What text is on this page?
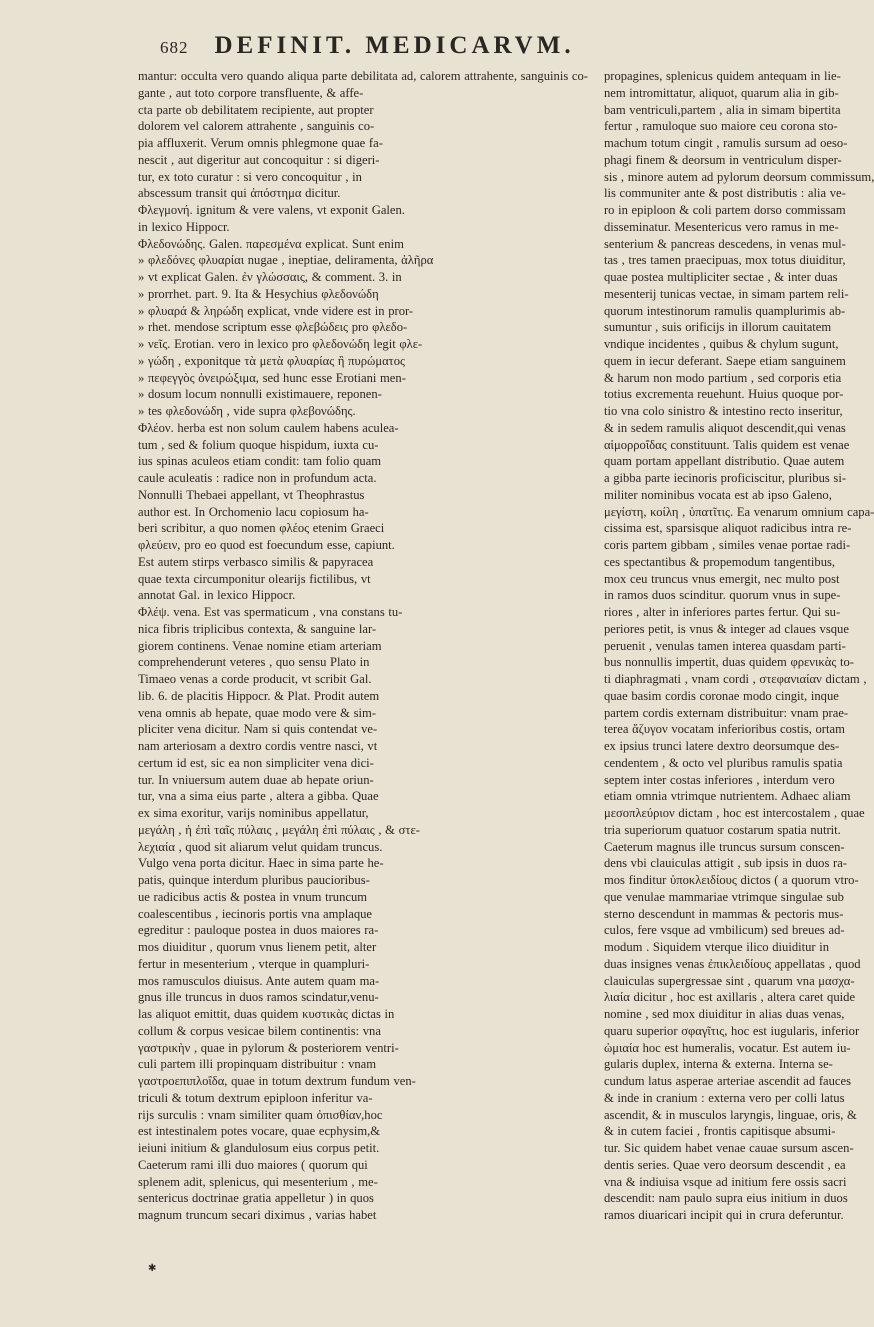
682 DEFINIT. MEDICARVM.
mantur: occulta vero quando aliqua parte debilitata ad, calorem attrahente, sanguinis co-
gante , aut toto corpore transfluente, & affe-
cta parte ob debilitatem recipiente, aut propter
dolorem vel calorem attrahente , sanguinis co-
pia affluxerit. Verum omnis phlegmone quae fa-
nescit , aut digeritur aut concoquitur : si digeri-
tur, ex toto curatur : si vero concoquitur , in
abscessum transit qui ἀπόστημα dicitur.
Φλεγμονή. ignitum & vere valens, vt exponit Galen.
in lexico Hippocr.
Φλεδονώδης. Galen. παρεσμένα explicat. Sunt enim
» φλεδόνες φλυαρίαι nugae , ineptiae, deliramenta, ἀλῆρα
» vt explicat Galen. ἐν γλώσσαις, & comment. 3. in
» prorrhet. part. 9. Ita & Hesychius φλεδονώδη
» φλυαρά & ληρώδη explicat, vnde videre est in pror-
» rhet. mendose scriptum esse φλεβώδεις pro φλεδο-
» νεῖς. Erotian. vero in lexico pro φλεδονώδη legit φλε-
» γώδη , exponitque τὰ μετὰ φλυαρίας ἢ πυρώματος
» πεφεγγὸς ὀνειρώξιμα, sed hunc esse Erotiani men-
» dosum locum nonnulli existimauere, reponen-
» tes φλεδονώδη , vide supra φλεβονώδης.
Φλέον. herba est non solum caulem habens aculea-
tum , sed & folium quoque hispidum, iuxta cu-
ius spinas aculeos etiam condit: tam folio quam
caule aculeatis : radice non in profundum acta.
Nonnulli Thebaei appellant, vt Theophrastus
author est. In Orchomenio lacu copiosum ha-
beri scribitur, a quo nomen φλέος etenim Graeci
φλεύειν, pro eo quod est foecundum esse, capiunt.
Est autem stirps verbasco similis & papyracea
quae texta circumponitur olearijs fictilibus, vt
annotat Gal. in lexico Hippocr.
Φλέψ. vena. Est vas spermaticum , vna constans tu-
nica fibris triplicibus contexta, & sanguine lar-
giorem continens. Venae nomine etiam arteriam
comprehenderunt veteres , quo sensu Plato in
Timaeo venas a corde producit, vt scribit Gal.
lib. 6. de placitis Hippocr. & Plat. Prodit autem
vena omnis ab hepate, quae modo vere & sim-
pliciter vena dicitur. Nam si quis contendat ve-
nam arteriosam a dextro cordis ventre nasci, vt
certum id est, sic ea non simpliciter vena dici-
tur. In vniuersum autem duae ab hepate oriun-
tur, vna a sima eius parte , altera a gibba. Quae
ex sima exoritur, varijs nominibus appellatur,
μεγάλη , ἡ ἐπὶ ταῖς πύλαις , μεγάλη ἐπὶ πύλαις , & στε-
λεχιαία , quod sit aliarum velut quidam truncus.
Vulgo vena porta dicitur. Haec in sima parte he-
patis, quinque interdum pluribus paucioribus-
ue radicibus actis & postea in vnum truncum
coalescentibus , iecinoris portis vna amplaque
egreditur : pauloque postea in duos maiores ra-
mos diuiditur , quorum vnus lienem petit, alter
fertur in mesenterium , vterque in quampluri-
mos ramusculos diuisus. Ante autem quam ma-
gnus ille truncus in duos ramos scindatur,venu-
las aliquot emittit, duas quidem κυστικὰς dictas in
collum & corpus vesicae bilem continentis: vna
γαστρικὴν , quae in pylorum & posteriorem ventri-
culi partem illi propinquam distribuitur : vnam
γαστροεπιπλοΐδα, quae in totum dextrum fundum ven-
triculi & totum dextrum epiploon inferitur va-
rijs surculis : vnam similiter quam ὀπισθίαν,hoc
est intestinalem potes vocare, quae ecphysim,&
ieiuni initium & glandulosum eius corpus petit.
Caeterum rami illi duo maiores ( quorum qui
splenem adit, splenicus, qui mesenterium , me-
sentericus doctrinae gratia appelletur ) in quos
magnum truncum secari diximus , varias habet
propagines, splenicus quidem antequam in lie-
nem intromittatur, aliquot, quarum alia in gib-
bam ventriculi,partem , alia in simam bipertita
fertur , ramuloque suo maiore ceu corona sto-
machum totum cingit , ramulis sursum ad oeso-
phagi finem & deorsum in ventriculum disper-
sis , minore autem ad pylorum deorsum commissum,
lis communiter ante & post distributis : alia ve-
ro in epiploon & coli partem dorso commissam
disseminatur. Mesentericus vero ramus in me-
senterium & pancreas descedens, in venas mul-
tas , tres tamen praecipuas, mox totus diuiditur,
quae postea multipliciter sectae , & inter duas
mesenterij tunicas vectae, in simam partem reli-
quorum intestinorum ramulis quamplurimis ab-
sumuntur , suis orificijs in illorum cauitatem
vndique incidentes , quibus & chylum sugunt,
quem in iecur deferant. Saepe etiam sanguinem
& harum non modo partium , sed corporis etia
totius excrementa reuehunt. Huius quoque por-
tio vna colo sinistro & intestino recto inseritur,
& in sedem ramulis aliquot descendit,qui venas
αἱμορροΐδας constituunt. Talis quidem est venae
quam portam appellant distributio. Quae autem
a gibba parte iecinoris proficiscitur, pluribus si-
militer nominibus vocata est ab ipso Galeno,
μεγίστη, κοίλη , ὑπατῖτις. Ea venarum omnium capa-
cissima est, sparsisque aliquot radicibus intra re-
coris partem gibbam , similes venae portae radi-
ces spectantibus & propemodum tangentibus,
mox ceu truncus vnus emergit, nec multo post
in ramos duos scinditur. quorum vnus in supe-
riores , alter in inferiores partes fertur. Qui su-
periores petit, is vnus & integer ad claues vsque
peruenit , venulas tamen interea quasdam parti-
bus nonnullis impertit, duas quidem φρενικὰς to-
ti diaphragmati , vnam cordi , στεφανιαίαν dictam ,
quae basim cordis coronae modo cingit, inque
partem cordis externam distribuitur: vnam prae-
terea ἄζυγον vocatam inferioribus costis, ortam
ex ipsius trunci latere dextro deorsumque des-
cendentem , & octo vel pluribus ramulis spatia
septem inter costas inferiores , interdum vero
etiam omnia vtrimque nutrientem. Adhaec aliam
μεσοπλεύριον dictam , hoc est intercostalem , quae
tria superiorum quatuor costarum spatia nutrit.
Caeterum magnus ille truncus sursum conscen-
dens vbi clauiculas attigit , sub ipsis in duos ra-
mos finditur ὑποκλειδίους dictos ( a quorum vtro-
que venulae mammariae vtrimque singulae sub
sterno descendunt in mammas & pectoris mus-
culos, fere vsque ad vmbilicum) sed breues ad-
modum . Siquidem vterque ilico diuiditur in
duas insignes venas ἐπικλειδίους appellatas , quod
clauiculas supergressae sint , quarum vna μασχα-
λιαία dicitur , hoc est axillaris , altera caret quide
nomine , sed mox diuiditur in alias duas venas,
quaru superior σφαγῖτις, hoc est iugularis, inferior
ὠμιαία hoc est humeralis, vocatur. Est autem iu-
gularis duplex, interna & externa. Interna se-
cundum latus asperae arteriae ascendit ad fauces
& inde in cranium : externa vero per colli latus
ascendit, & in musculos laryngis, linguae, oris, &
& in cutem faciei , frontis capitisque absumi-
tur. Sic quidem habet venae cauae sursum ascen-
dentis series. Quae vero deorsum descendit , ea
vna & indiuisa vsque ad initium fere ossis sacri
descendit: nam paulo supra eius initium in duos
ramos diuaricari incipit qui in crura deferuntur.
✱
